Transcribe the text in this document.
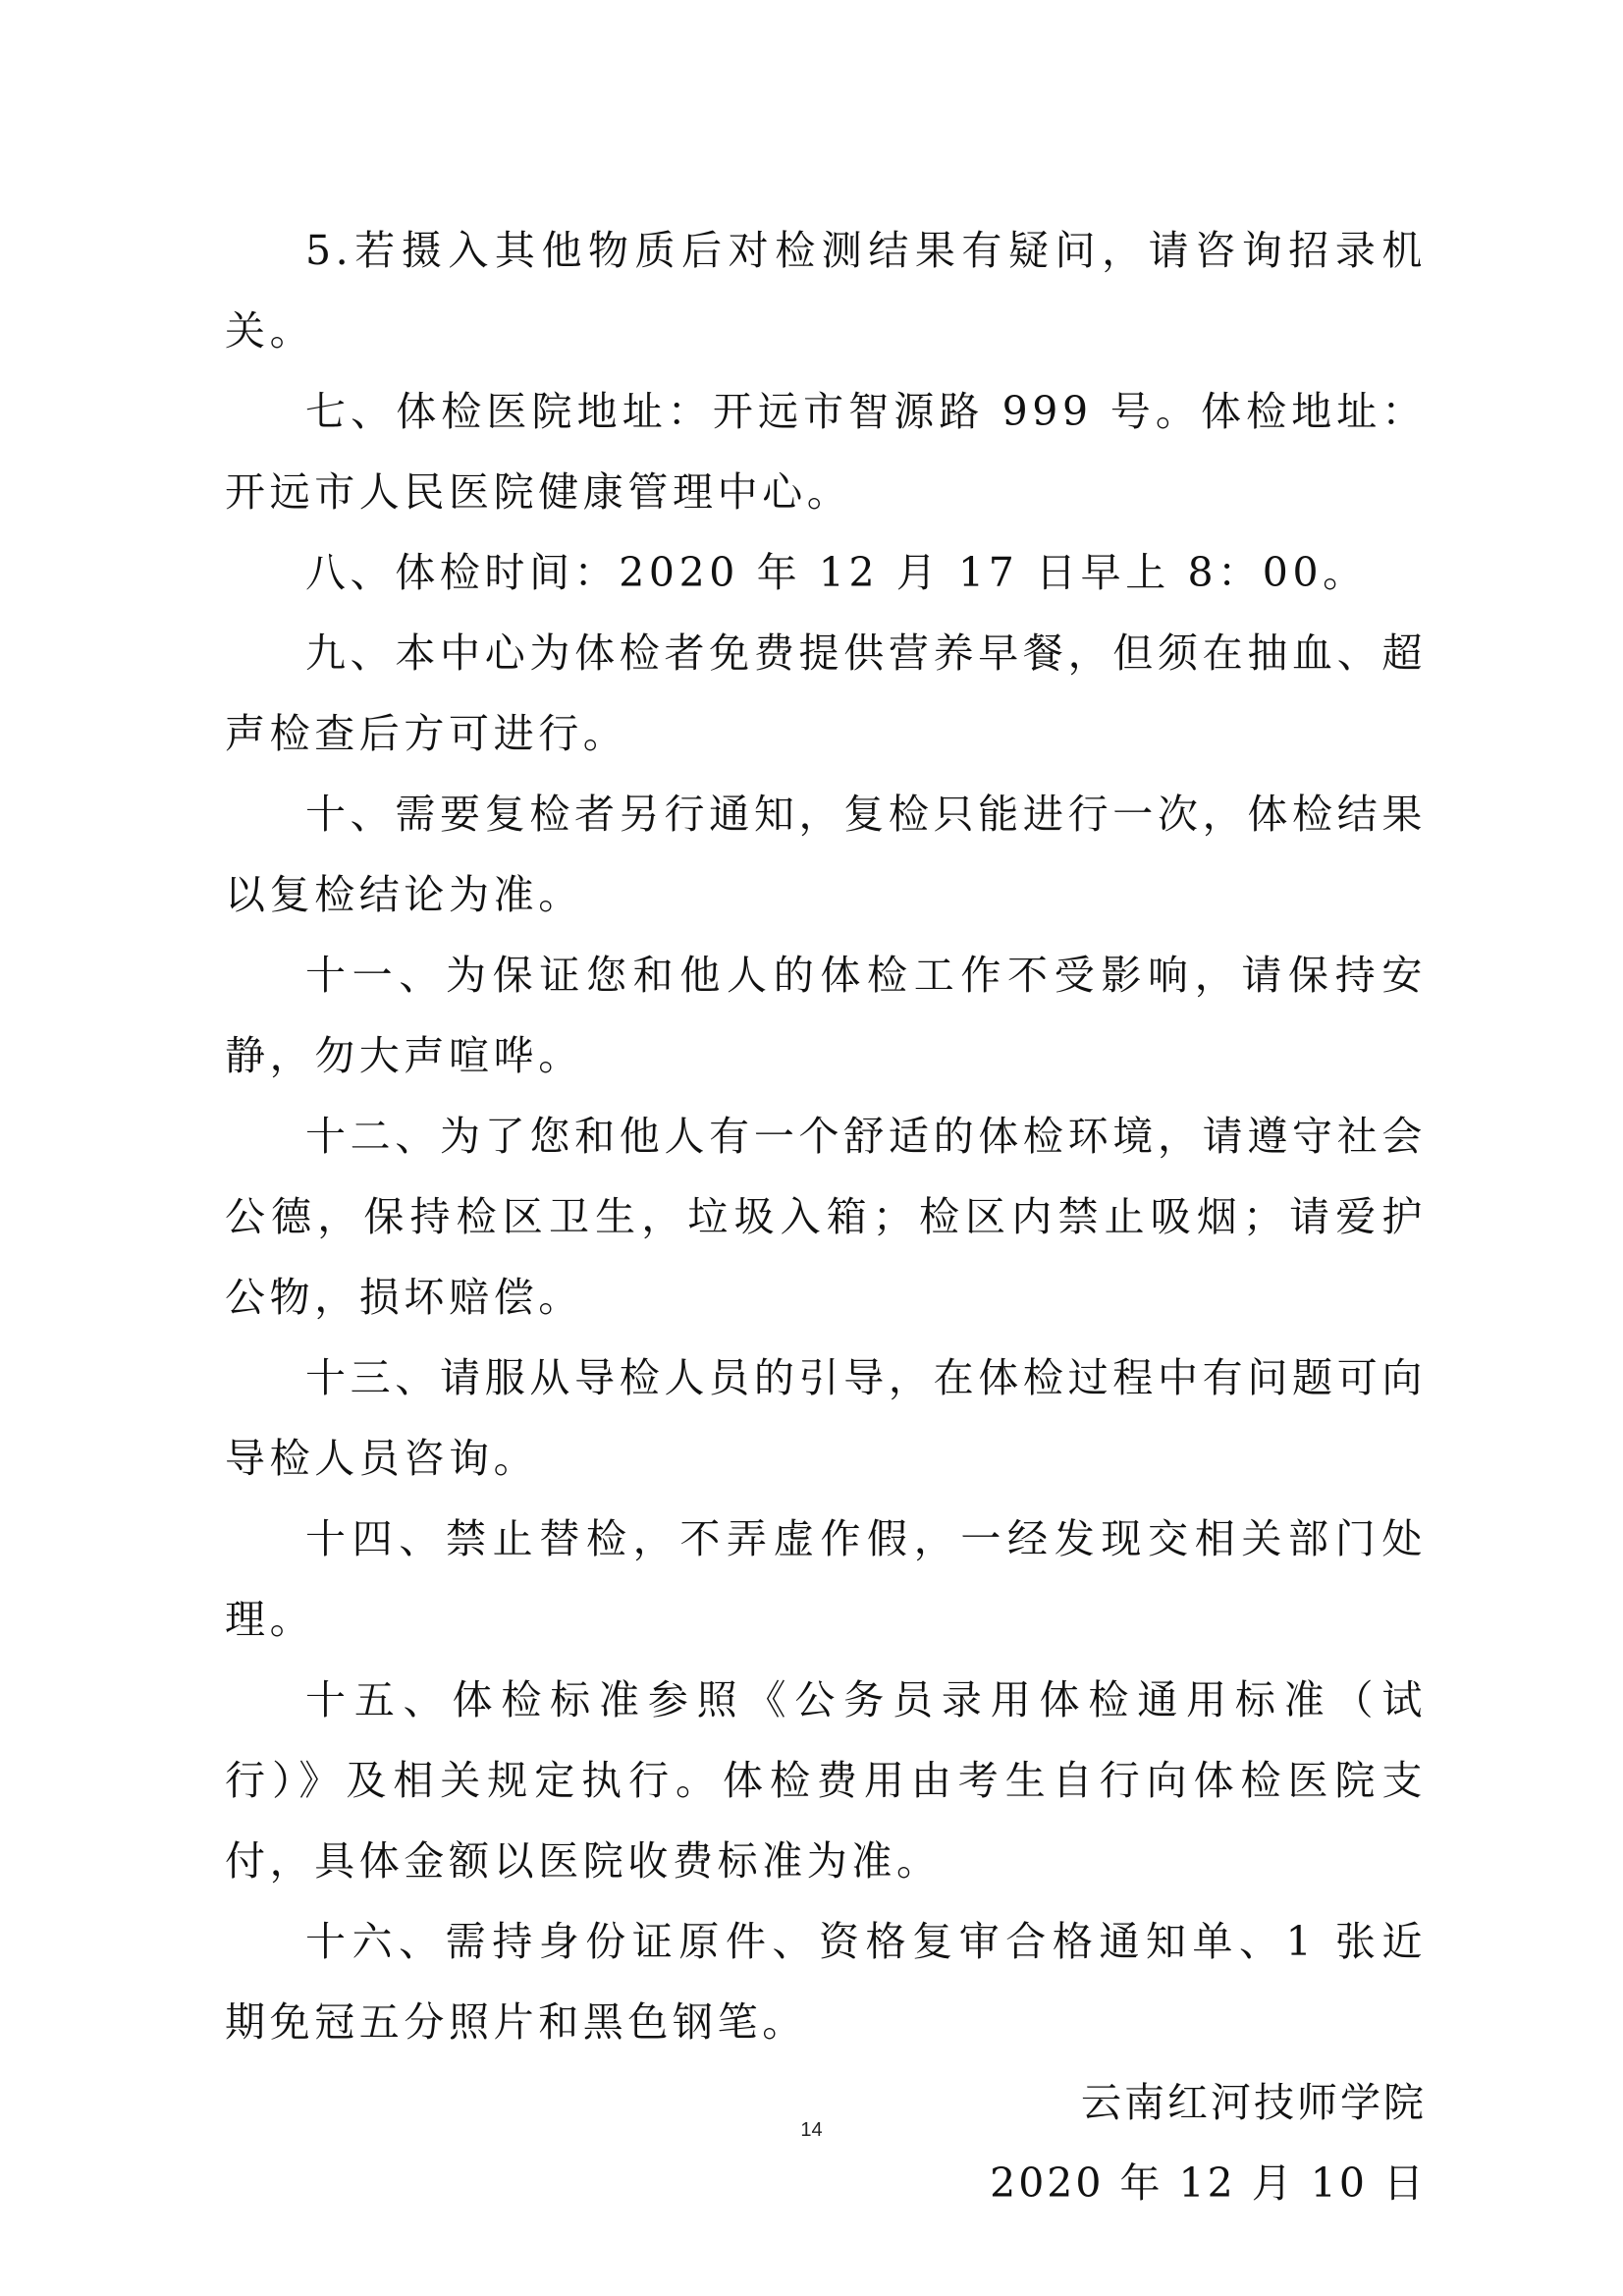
5.若摄入其他物质后对检测结果有疑问，请咨询招录机关。

七、体检医院地址：开远市智源路 999 号。体检地址：开远市人民医院健康管理中心。

八、体检时间：2020 年 12 月 17 日早上 8：00。

九、本中心为体检者免费提供营养早餐，但须在抽血、超声检查后方可进行。

十、需要复检者另行通知，复检只能进行一次，体检结果以复检结论为准。

十一、为保证您和他人的体检工作不受影响，请保持安静，勿大声喧哗。

十二、为了您和他人有一个舒适的体检环境，请遵守社会公德，保持检区卫生，垃圾入箱；检区内禁止吸烟；请爱护公物，损坏赔偿。

十三、请服从导检人员的引导，在体检过程中有问题可向导检人员咨询。

十四、禁止替检，不弄虚作假，一经发现交相关部门处理。

十五、体检标准参照《公务员录用体检通用标准（试行）》及相关规定执行。体检费用由考生自行向体检医院支付，具体金额以医院收费标准为准。

十六、需持身份证原件、资格复审合格通知单、1 张近期免冠五分照片和黑色钢笔。

云南红河技师学院

2020 年 12 月 10 日

14
